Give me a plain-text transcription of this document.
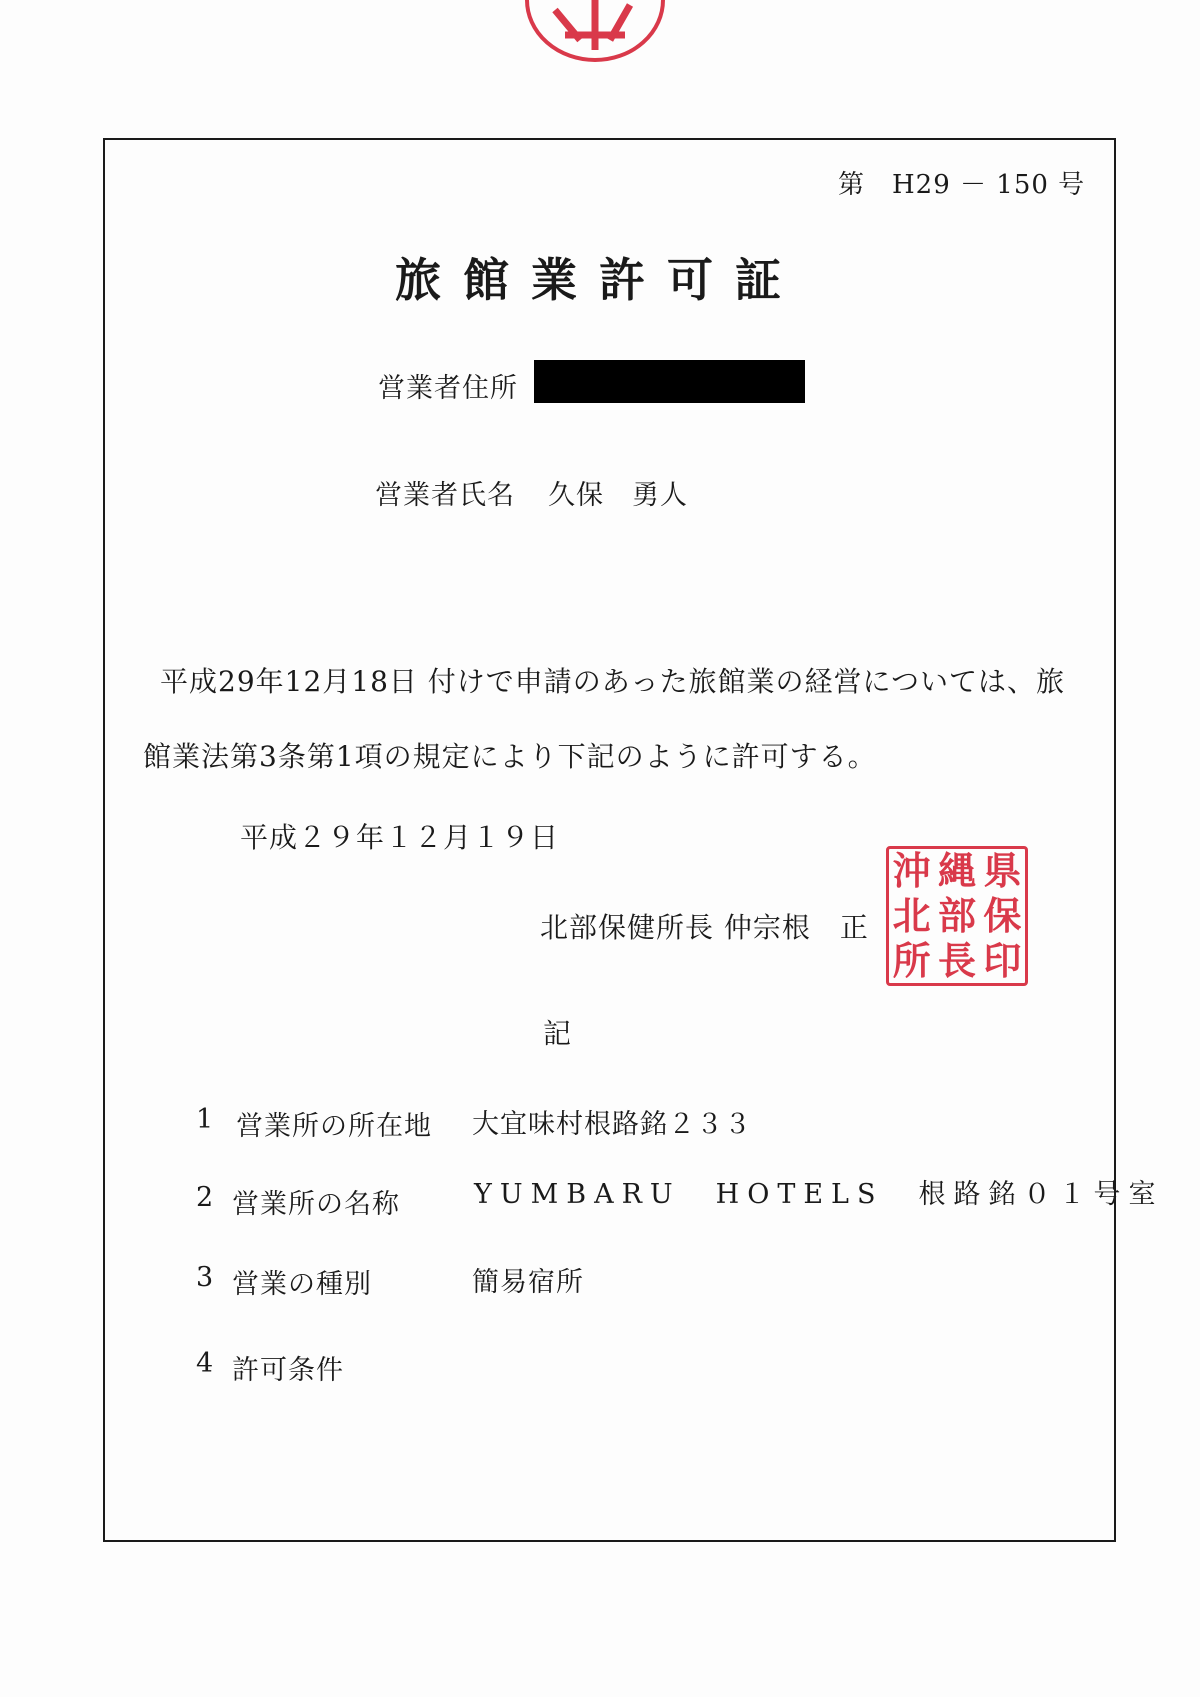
第　H29 － 150 号
旅館業許可証
営業者住所
営業者氏名 久保　勇人
平成29年12月18日 付けで申請のあった旅館業の経営については、旅
館業法第3条第1項の規定により下記のように許可する。
平成２９年１２月１９日
北部保健所長 仲宗根　正
沖 縄 県
北 部 保
所 長 印
記
1 営業所の所在地 大宜味村根路銘２３３
2 営業所の名称	YUMBARU　HOTELS　根路銘０１号室
3 営業の種別	簡易宿所
4 許可条件
